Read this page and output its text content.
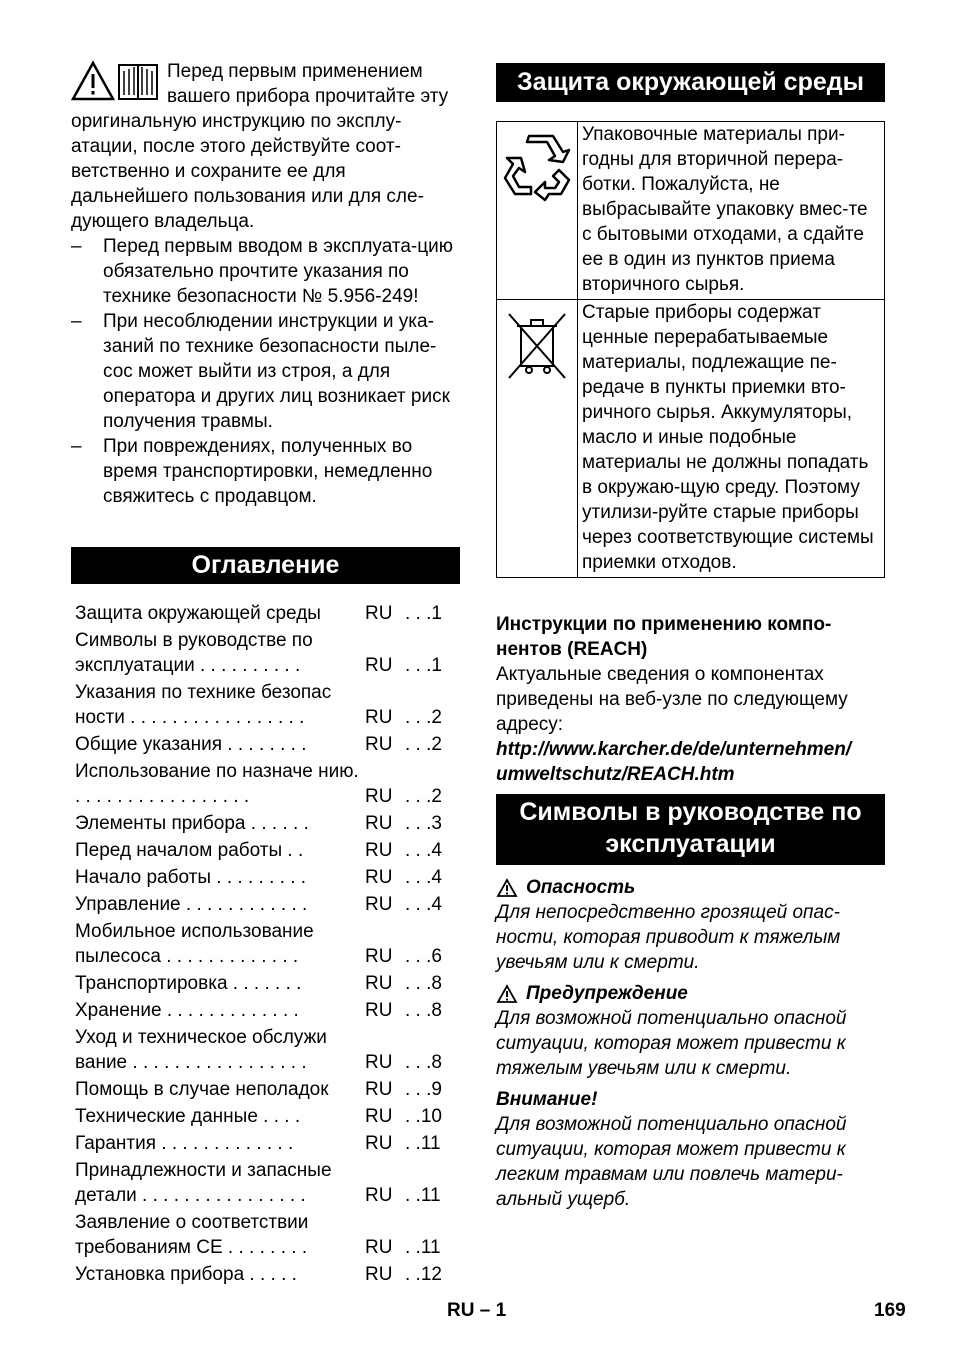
Перед первым применением вашего прибора прочитайте эту оригинальную инструкцию по эксплу-атации, после этого действуйте соот-ветственно и сохраните ее для дальнейшего пользования или для сле-дующего владельца.

– Перед первым вводом в эксплуата-цию обязательно прочтите указания по технике безопасности № 5.956-249!
– При несоблюдении инструкции и ука-заний по технике безопасности пыле-сос может выйти из строя, а для оператора и других лиц возникает риск получения травмы.
– При повреждениях, полученных во время транспортировки, немедленно свяжитесь с продавцом.
Оглавление
Защита окружающей среды	RU . . .1
Символы в руководстве по эксплуатации . . . . . . . . . .	RU . . .1
Указания по технике безопас ности . . . . . . . . . . . . . . . . .	RU . . .2
Общие указания . . . . . . . .	RU . . .2
Использование по назначе нию. . . . . . . . . . . . . . . . . .	RU . . .2
Элементы прибора . . . . . .	RU . . .3
Перед началом работы . .	RU . . .4
Начало работы . . . . . . . . .	RU . . .4
Управление . . . . . . . . . . . .	RU . . .4
Мобильное использование пылесоса . . . . . . . . . . . . .	RU . . .6
Транспортировка . . . . . . .	RU . . .8
Хранение . . . . . . . . . . . . .	RU . . .8
Уход и техническое обслужи вание . . . . . . . . . . . . . . . . .	RU . . .8
Помощь в случае неполадок	RU . . .9
Технические данные . . . .	RU . .10
Гарантия . . . . . . . . . . . . .	RU . .11
Принадлежности и запасные детали . . . . . . . . . . . . . . . .	RU . .11
Заявление о соответствии требованиям CE . . . . . . . .	RU . .11
Установка прибора . . . . .	RU . .12
Защита окружающей среды
	Упаковочные материалы при-годны для вторичной перера-ботки. Пожалуйста, не выбрасывайте упаковку вмес-те с бытовыми отходами, а сдайте ее в один из пунктов приема вторичного сырья.
	Старые приборы содержат ценные перерабатываемые материалы, подлежащие пе-редаче в пункты приемки вто-ричного сырья. Аккумуляторы, масло и иные подобные материалы не должны попадать в окружаю-щую среду. Поэтому утилизи-руйте старые приборы через соответствующие системы приемки отходов.

Инструкции по применению компо-нентов (REACH)

Актуальные сведения о компонентах приведены на веб-узле по следующему адресу:

http://www.karcher.de/de/unternehmen/ umweltschutz/REACH.htm

Символы в руководстве по эксплуатации

Опасность

Для непосредственно грозящей опас-ности, которая приводит к тяжелым увечьям или к смерти.

Предупреждение

Для возможной потенциально опасной ситуации, которая может привести к тяжелым увечьям или к смерти.

Внимание!

Для возможной потенциально опасной ситуации, которая может привести к легким травмам или повлечь матери-альный ущерб.

RU – 1	169
